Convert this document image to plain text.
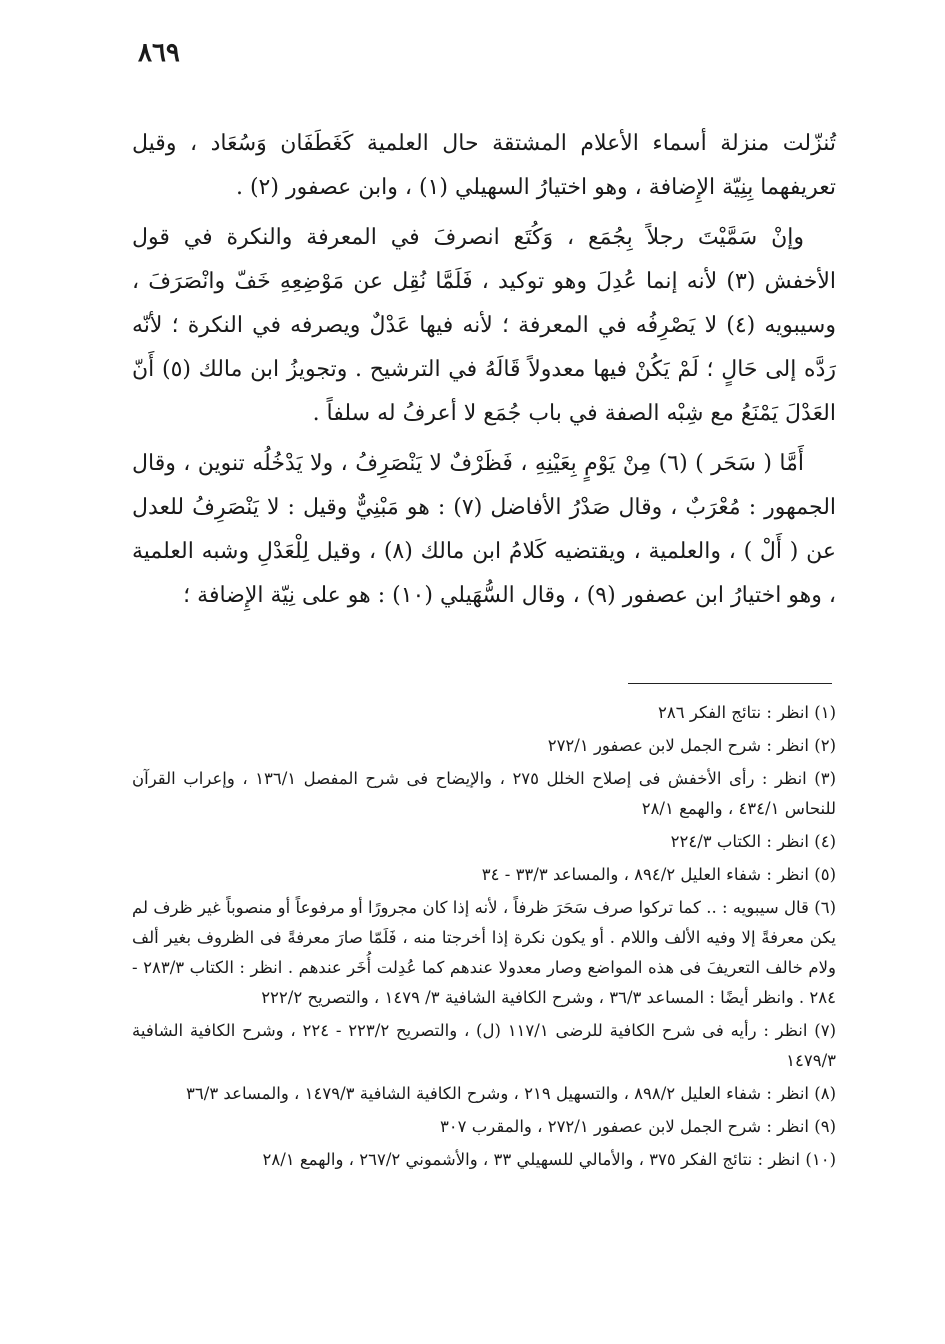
٨٦٩

تُنزّلت منزلة أسماء الأعلام المشتقة حال العلمية كَغَطَفَان وَسُعَاد ، وقيل تعريفهما بِنِيّة الإِضافة ، وهو اختيارُ السهيلي (١) ، وابن عصفور (٢) .

وإنْ سَمَّيْتَ رجلاً بِجُمَع ، وَكُتَع انصرفَ في المعرفة والنكرة في قول الأخفش (٣) لأنه إنما عُدِلَ وهو توكيد ، فَلَمَّا نُقِل عن مَوْضِعِهِ خَفّ وانْصَرَفَ ، وسيبويه (٤) لا يَصْرِفُه في المعرفة ؛ لأنه فيها عَدْلٌ ويصرفه في النكرة ؛ لأنّه رَدَّه إلى حَالٍ ؛ لَمْ يَكُنْ فيها معدولاً قَالَهُ في الترشيح . وتجويزُ ابن مالك (٥) أَنّ العَدْلَ يَمْنَعُ مع شِبْه الصفة في باب جُمَع لا أعرفُ له سلفاً .

أَمَّا ( سَحَر ) (٦) مِنْ يَوْمٍ بِعَيْنِهِ ، فَظَرْفٌ لا يَنْصَرِفُ ، ولا يَدْخُلُه تنوين ، وقال الجمهور : مُعْرَبٌ ، وقال صَدْرُ الأفاضل (٧) : هو مَبْنِيٌّ وقيل : لا يَنْصَرِفُ للعدل عن ( أَلْ ) ، والعلمية ، ويقتضيه كَلامُ ابن مالك (٨) ، وقيل لِلْعَدْلِ وشبه العلمية ، وهو اختيارُ ابن عصفور (٩) ، وقال السُّهَيلي (١٠) : هو على نِيّة الإِضافة ؛

(١) انظر : نتائج الفكر ٢٨٦

(٢) انظر : شرح الجمل لابن عصفور ٢٧٢/١

(٣) انظر : رأى الأخفش فى إصلاح الخلل ٢٧٥ ، والإيضاح فى شرح المفصل ١٣٦/١ ، وإعراب القرآن للنحاس ٤٣٤/١ ، والهمع ٢٨/١

(٤) انظر : الكتاب ٢٢٤/٣

(٥) انظر : شفاء العليل ٨٩٤/٢ ، والمساعد ٣٣/٣ - ٣٤

(٦) قال سيبويه : .. كما تركوا صرف سَحَرَ ظرفاً ، لأنه إذا كان مجرورًا أو مرفوعاً أو منصوباً غير ظرف لم يكن معرفةً إلا وفيه الألف واللام . أو يكون نكرة إذا أخرجتا منه ، فَلَمّا صارَ معرفةً فى الظروف بغير ألف ولام خالف التعريفَ فى هذه المواضع وصار معدولا عندهم كما عُدِلت أُخَر عندهم . انظر : الكتاب ٢٨٣/٣ - ٢٨٤ . وانظر أيضًا : المساعد ٣٦/٣ ، وشرح الكافية الشافية ٣/ ١٤٧٩ ، والتصريح ٢٢٢/٢

(٧) انظر : رأيه فى شرح الكافية للرضى ١١٧/١ (ل) ، والتصريح ٢٢٣/٢ - ٢٢٤ ، وشرح الكافية الشافية ١٤٧٩/٣

(٨) انظر : شفاء العليل ٨٩٨/٢ ، والتسهيل ٢١٩ ، وشرح الكافية الشافية ١٤٧٩/٣ ، والمساعد ٣٦/٣

(٩) انظر : شرح الجمل لابن عصفور ٢٧٢/١ ، والمقرب ٣٠٧

(١٠) انظر : نتائج الفكر ٣٧٥ ، والأمالي للسهيلي ٣٣ ، والأشموني ٢٦٧/٢ ، والهمع ٢٨/١
